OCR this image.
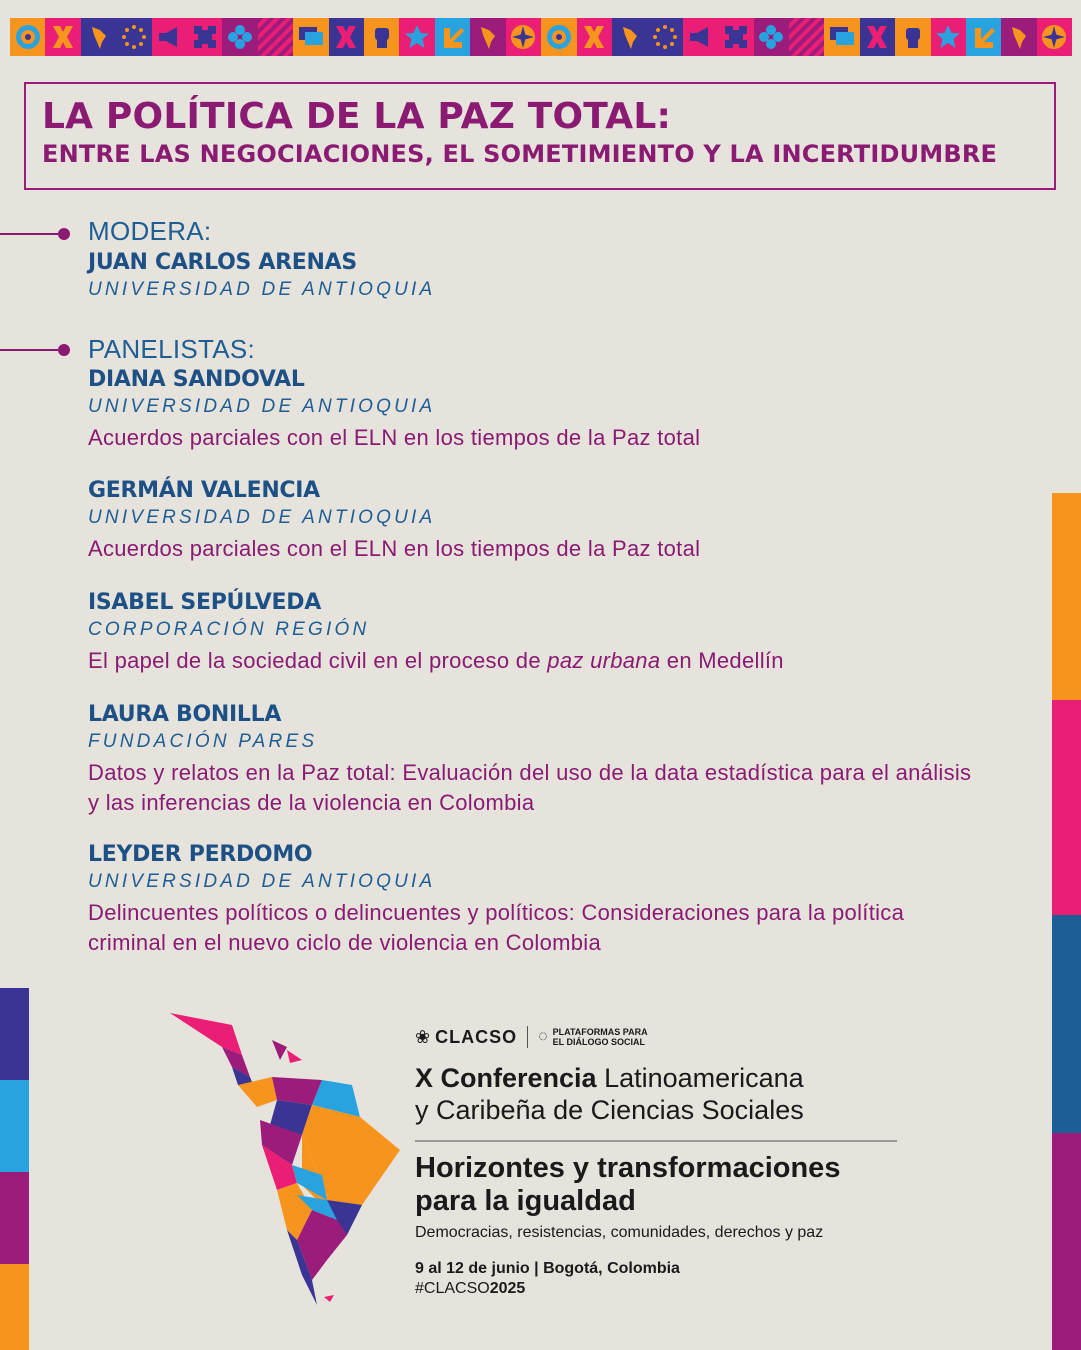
LA POLÍTICA DE LA PAZ TOTAL:
ENTRE LAS NEGOCIACIONES, EL SOMETIMIENTO Y LA INCERTIDUMBRE
MODERA:
JUAN CARLOS ARENAS
UNIVERSIDAD DE ANTIOQUIA
PANELISTAS:
DIANA SANDOVAL
UNIVERSIDAD DE ANTIOQUIA
Acuerdos parciales con el ELN en los tiempos de la Paz total
GERMÁN VALENCIA
UNIVERSIDAD DE ANTIOQUIA
Acuerdos parciales con el ELN en los tiempos de la Paz total
ISABEL SEPÚLVEDA
CORPORACIÓN REGIÓN
El papel de la sociedad civil en el proceso de paz urbana en Medellín
LAURA BONILLA
FUNDACIÓN PARES
Datos y relatos en la Paz total: Evaluación del uso de la data estadística para el análisis y las inferencias de la violencia en Colombia
LEYDER PERDOMO
UNIVERSIDAD DE ANTIOQUIA
Delincuentes políticos o delincuentes y políticos: Consideraciones para la política criminal en el nuevo ciclo de violencia en Colombia
❀ CLACSO ◌ PLATAFORMAS PARA
EL DIÁLOGO SOCIAL
X Conferencia Latinoamericana
y Caribeña de Ciencias Sociales
Horizontes y transformaciones
para la igualdad
Democracias, resistencias, comunidades, derechos y paz
9 al 12 de junio | Bogotá, Colombia
#CLACSO2025
